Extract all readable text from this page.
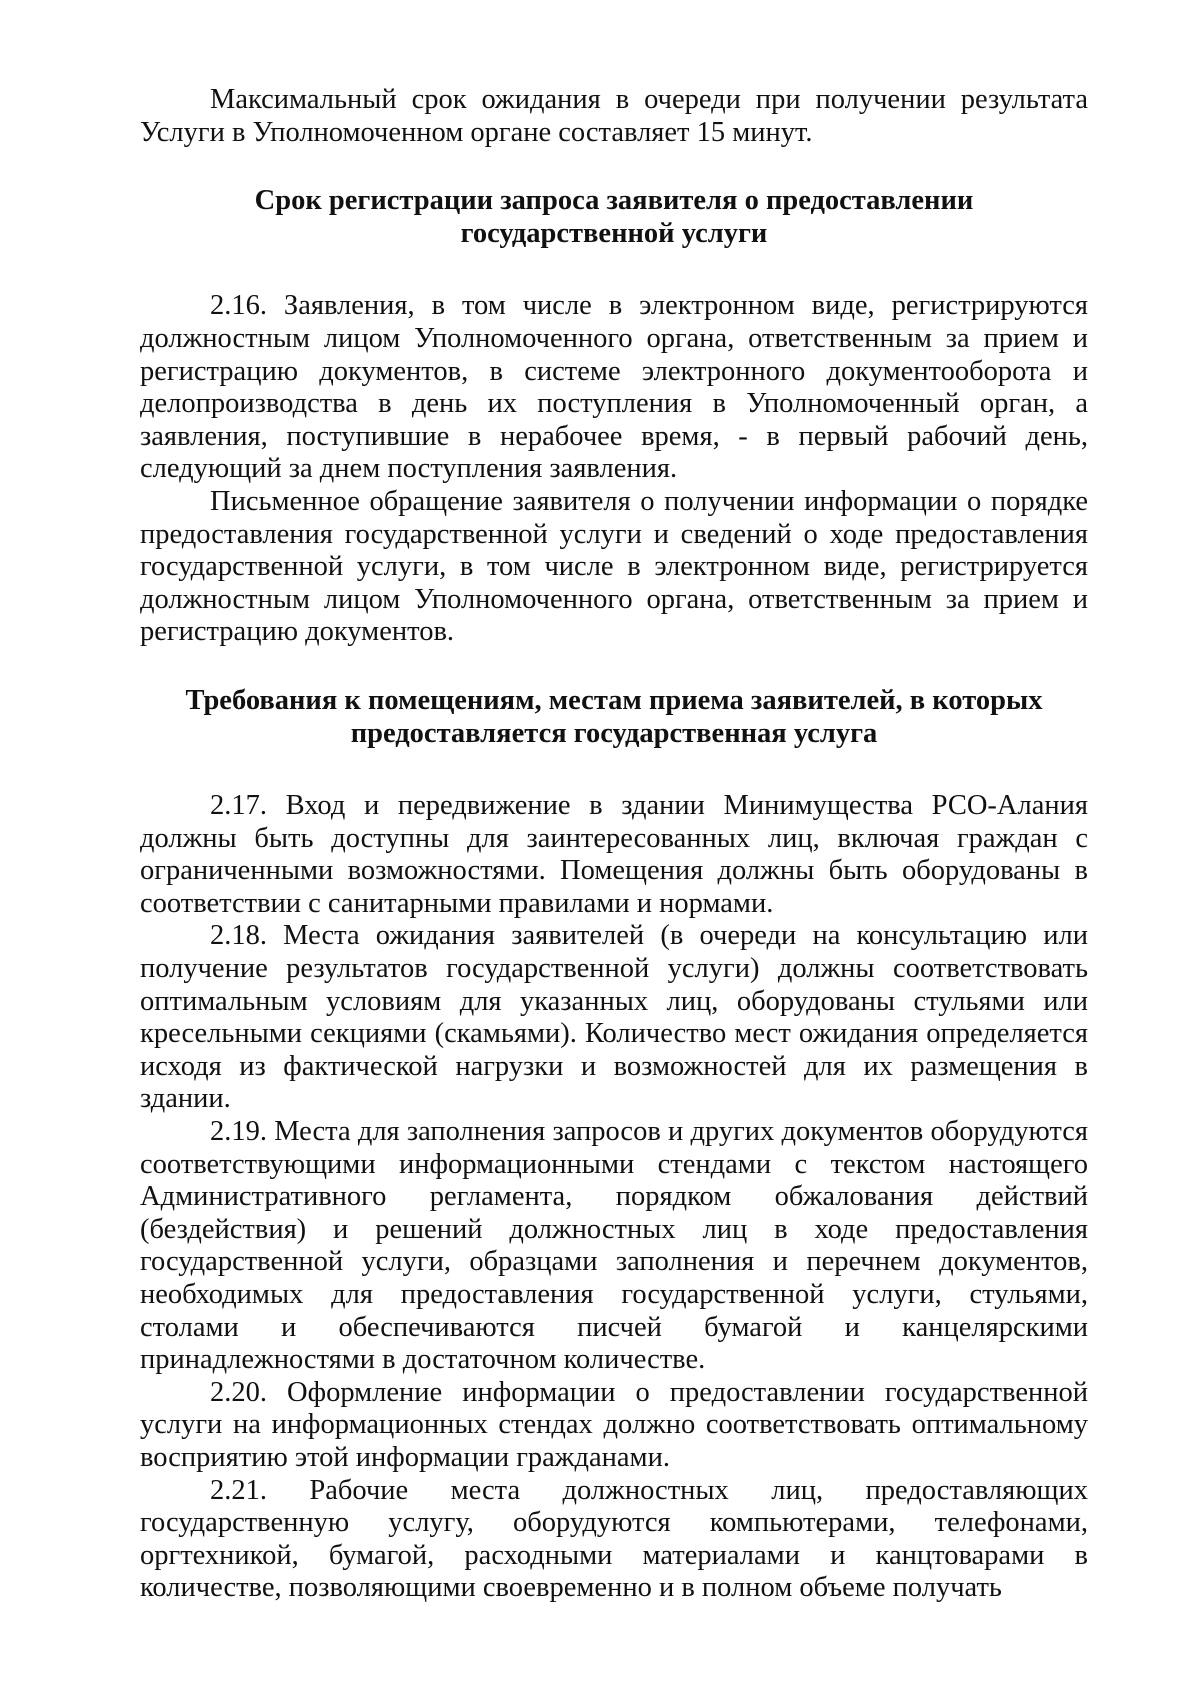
Максимальный срок ожидания в очереди при получении результата Услуги в Уполномоченном органе составляет 15 минут.

Срок регистрации запроса заявителя о предоставлении государственной услуги

2.16. Заявления, в том числе в электронном виде, регистрируются должностным лицом Уполномоченного органа, ответственным за прием и регистрацию документов, в системе электронного документооборота и делопроизводства в день их поступления в Уполномоченный орган, а заявления, поступившие в нерабочее время, - в первый рабочий день, следующий за днем поступления заявления.

Письменное обращение заявителя о получении информации о порядке предоставления государственной услуги и сведений о ходе предоставления государственной услуги, в том числе в электронном виде, регистрируется должностным лицом Уполномоченного органа, ответственным за прием и регистрацию документов.

Требования к помещениям, местам приема заявителей, в которых предоставляется государственная услуга

2.17. Вход и передвижение в здании Минимущества РСО-Алания должны быть доступны для заинтересованных лиц, включая граждан с ограниченными возможностями. Помещения должны быть оборудованы в соответствии с санитарными правилами и нормами.

2.18. Места ожидания заявителей (в очереди на консультацию или получение результатов государственной услуги) должны соответствовать оптимальным условиям для указанных лиц, оборудованы стульями или кресельными секциями (скамьями). Количество мест ожидания определяется исходя из фактической нагрузки и возможностей для их размещения в здании.

2.19. Места для заполнения запросов и других документов оборудуются соответствующими информационными стендами с текстом настоящего Административного регламента, порядком обжалования действий (бездействия) и решений должностных лиц в ходе предоставления государственной услуги, образцами заполнения и перечнем документов, необходимых для предоставления государственной услуги, стульями, столами и обеспечиваются писчей бумагой и канцелярскими принадлежностями в достаточном количестве.

2.20. Оформление информации о предоставлении государственной услуги на информационных стендах должно соответствовать оптимальному восприятию этой информации гражданами.

2.21. Рабочие места должностных лиц, предоставляющих государственную услугу, оборудуются компьютерами, телефонами, оргтехникой, бумагой, расходными материалами и канцтоварами в количестве, позволяющими своевременно и в полном объеме получать
